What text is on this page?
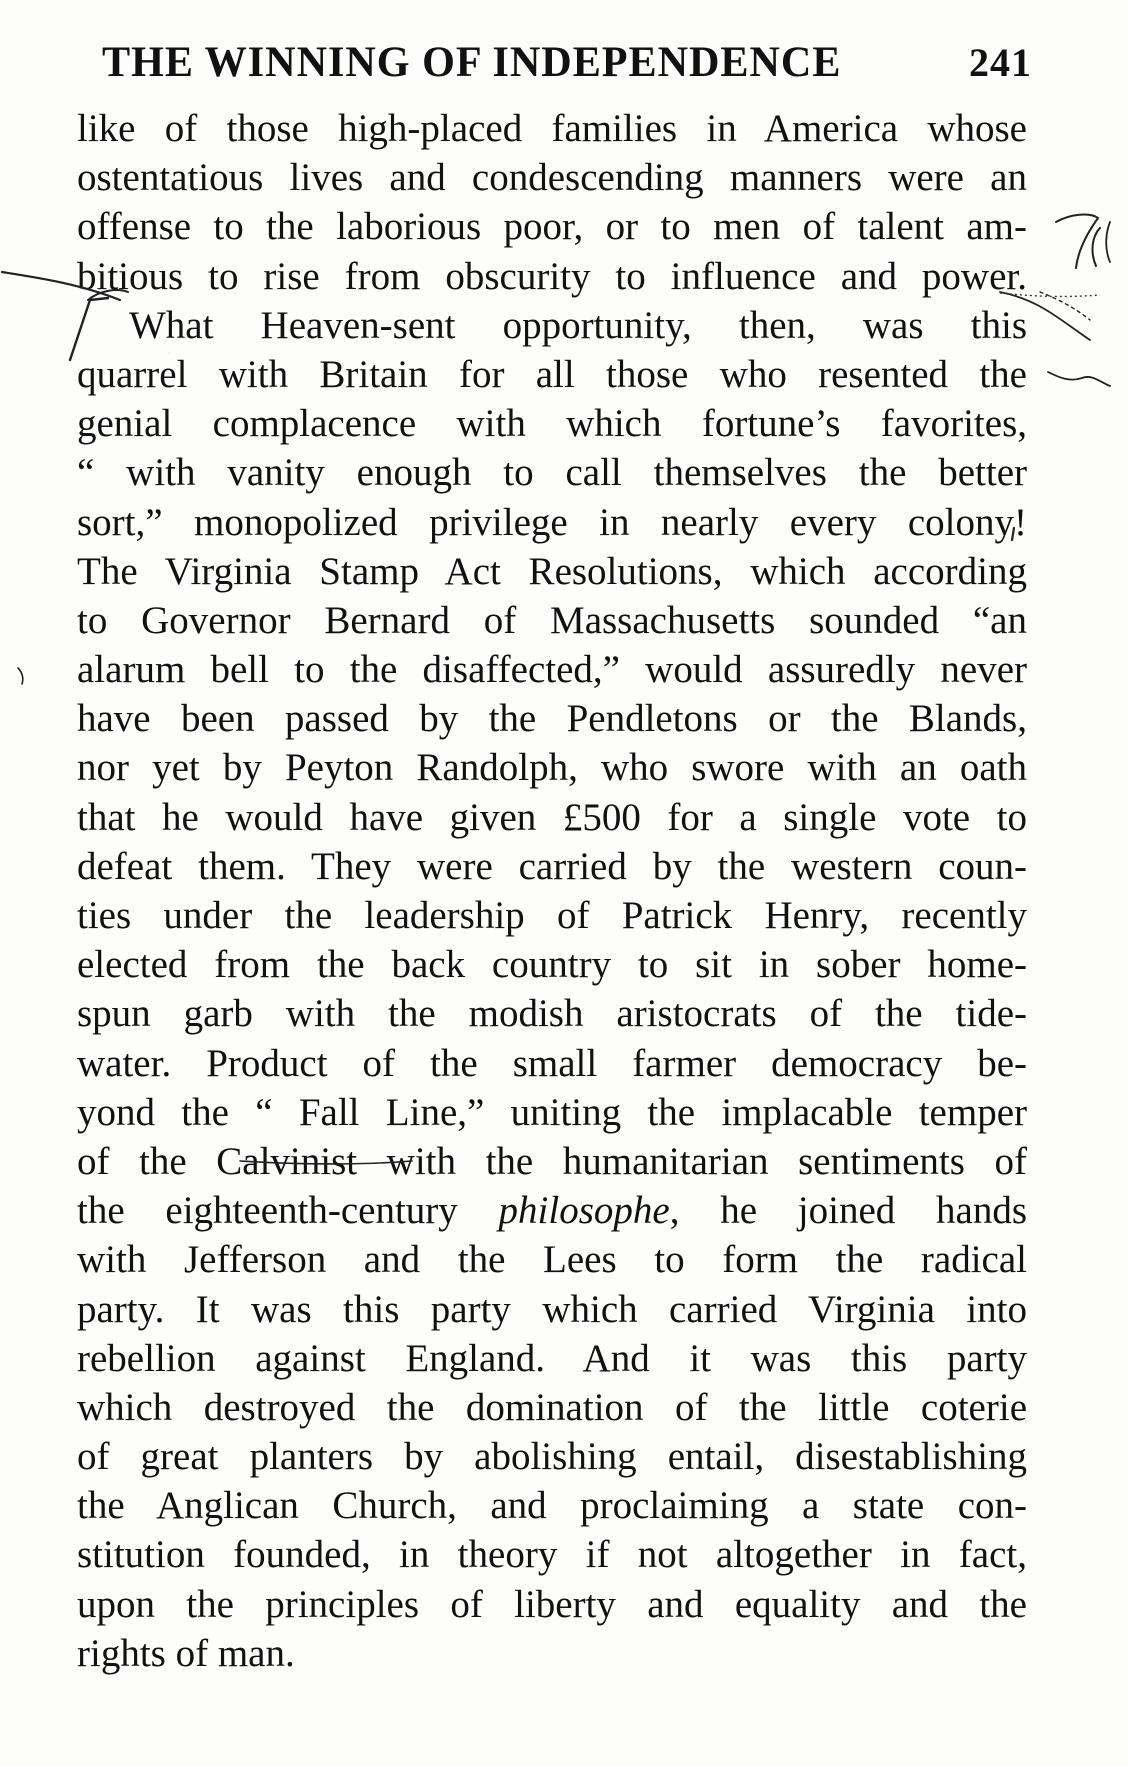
THE WINNING OF INDEPENDENCE	241
like of those high-placed families in America whose
ostentatious lives and condescending manners were an
offense to the laborious poor, or to men of talent am-
bitious to rise from obscurity to influence and power.
What Heaven-sent opportunity, then, was this
quarrel with Britain for all those who resented the
genial complacence with which fortune’s favorites,
“ with vanity enough to call themselves the better
sort,” monopolized privilege in nearly every colony!
The Virginia Stamp Act Resolutions, which according
to Governor Bernard of Massachusetts sounded “an
alarum bell to the disaffected,” would assuredly never
have been passed by the Pendletons or the Blands,
nor yet by Peyton Randolph, who swore with an oath
that he would have given £500 for a single vote to
defeat them. They were carried by the western coun-
ties under the leadership of Patrick Henry, recently
elected from the back country to sit in sober home-
spun garb with the modish aristocrats of the tide-
water. Product of the small farmer democracy be-
yond the “ Fall Line,” uniting the implacable temper
of the Calvinist with the humanitarian sentiments of
the eighteenth-century philosophe, he joined hands
with Jefferson and the Lees to form the radical
party. It was this party which carried Virginia into
rebellion against England. And it was this party
which destroyed the domination of the little coterie
of great planters by abolishing entail, disestablishing
the Anglican Church, and proclaiming a state con-
stitution founded, in theory if not altogether in fact,
upon the principles of liberty and equality and the
rights of man.
